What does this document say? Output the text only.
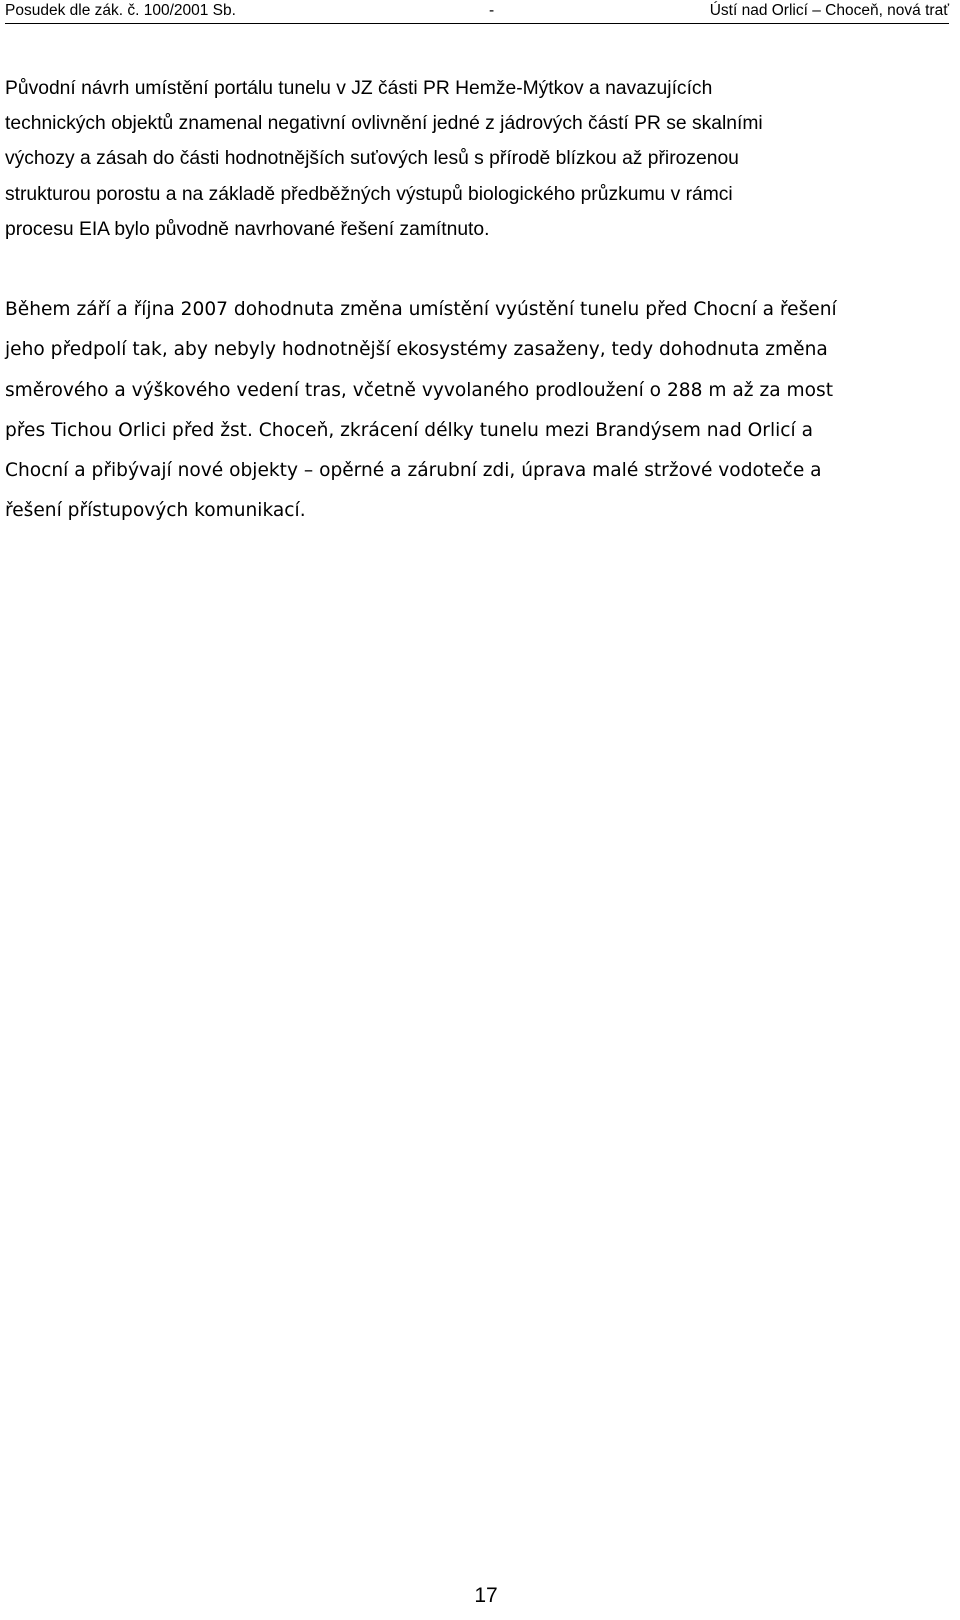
Posudek dle zák. č. 100/2001 Sb.	-	Ústí nad Orlicí – Choceň, nová trať

Původní návrh umístění portálu tunelu v JZ části PR Hemže-Mýtkov a navazujících
technických objektů znamenal negativní ovlivnění jedné z jádrových částí PR se skalními
výchozy a zásah do části hodnotnějších suťových lesů s přírodě blízkou až přirozenou
strukturou porostu a na základě předběžných výstupů biologického průzkumu v rámci
procesu EIA bylo původně navrhované řešení zamítnuto.

Během září a října 2007 dohodnuta změna umístění vyústění tunelu před Chocní a řešení
jeho předpolí tak, aby nebyly hodnotnější ekosystémy zasaženy, tedy dohodnuta změna
směrového a výškového vedení tras, včetně vyvolaného prodloužení o 288 m až za most
přes Tichou Orlici před žst. Choceň, zkrácení délky tunelu mezi Brandýsem nad Orlicí a
Chocní a přibývají nové objekty – opěrné a zárubní zdi, úprava malé stržové vodoteče a
řešení přístupových komunikací.

17
